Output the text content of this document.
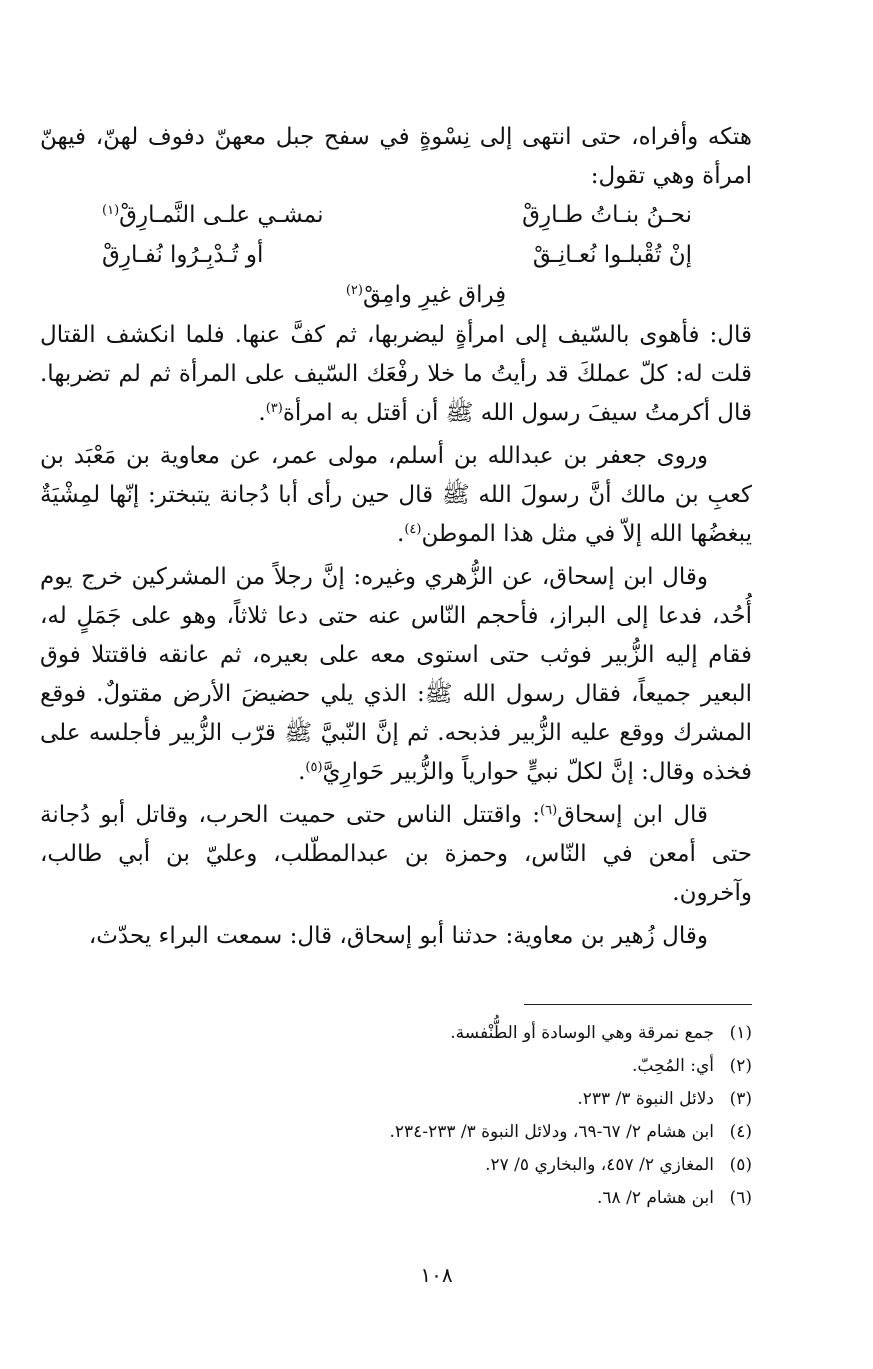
هتكه وأفراه، حتى انتهى إلى نِسْوةٍ في سفح جبل معهنّ دفوف لهنّ، فيهنّ امرأة وهي تقول:

نحـنُ بنـاتُ طـارِقْ
نمشـي علـى النَّمـارِقْ$^{(١)}$
إنْ تُقْبلـوا نُعـانِـقْ
أو تُـدْبِـرُوا نُفـارِقْ
فِراق غيرِ وامِقْ$^{(٢)}$

قال: فأهوى بالسّيف إلى امرأةٍ ليضربها، ثم كفَّ عنها. فلما انكشف القتال قلت له: كلّ عملكَ قد رأيتُ ما خلا رفْعَك السّيف على المرأة ثم لم تضربها. قال أكرمتُ سيفَ رسول الله ﷺ أن أقتل به امرأة$^{(٣)}$.

وروى جعفر بن عبدالله بن أسلم، مولى عمر، عن معاوية بن مَعْبَد بن كعبِ بن مالك أنَّ رسولَ الله ﷺ قال حين رأى أبا دُجانة يتبختر: إنّها لمِشْيَةٌ يبغضُها الله إلاّ في مثل هذا الموطن$^{(٤)}$.

وقال ابن إسحاق، عن الزُّهري وغيره: إنَّ رجلاً من المشركين خرج يوم أُحُد، فدعا إلى البراز، فأحجم النّاس عنه حتى دعا ثلاثاً، وهو على جَمَلٍ له، فقام إليه الزُّبير فوثب حتى استوى معه على بعيره، ثم عانقه فاقتتلا فوق البعير جميعاً، فقال رسول الله ﷺ: الذي يلي حضيضَ الأرض مقتولٌ. فوقع المشرك ووقع عليه الزُّبير فذبحه. ثم إنَّ النّبيَّ ﷺ قرّب الزُّبير فأجلسه على فخذه وقال: إنَّ لكلّ نبيٍّ حوارياً والزُّبير حَوارِيَّ$^{(٥)}$.

قال ابن إسحاق$^{(٦)}$: واقتتل الناس حتى حميت الحرب، وقاتل أبو دُجانة حتى أمعن في النّاس، وحمزة بن عبدالمطّلب، وعليّ بن أبي طالب، وآخرون.

وقال زُهير بن معاوية: حدثنا أبو إسحاق، قال: سمعت البراء يحدّث،

(١)جمع نمرقة وهي الوسادة أو الطُّنْفسة.
(٢)أي: المُحِبّ.
(٣)دلائل النبوة ٣/ ٢٣٣.
(٤)ابن هشام ٢/ ٦٧-٦٩، ودلائل النبوة ٣/ ٢٣٣-٢٣٤.
(٥)المغازي ٢/ ٤٥٧، والبخاري ٥/ ٢٧.
(٦)ابن هشام ٢/ ٦٨.
١٠٨
